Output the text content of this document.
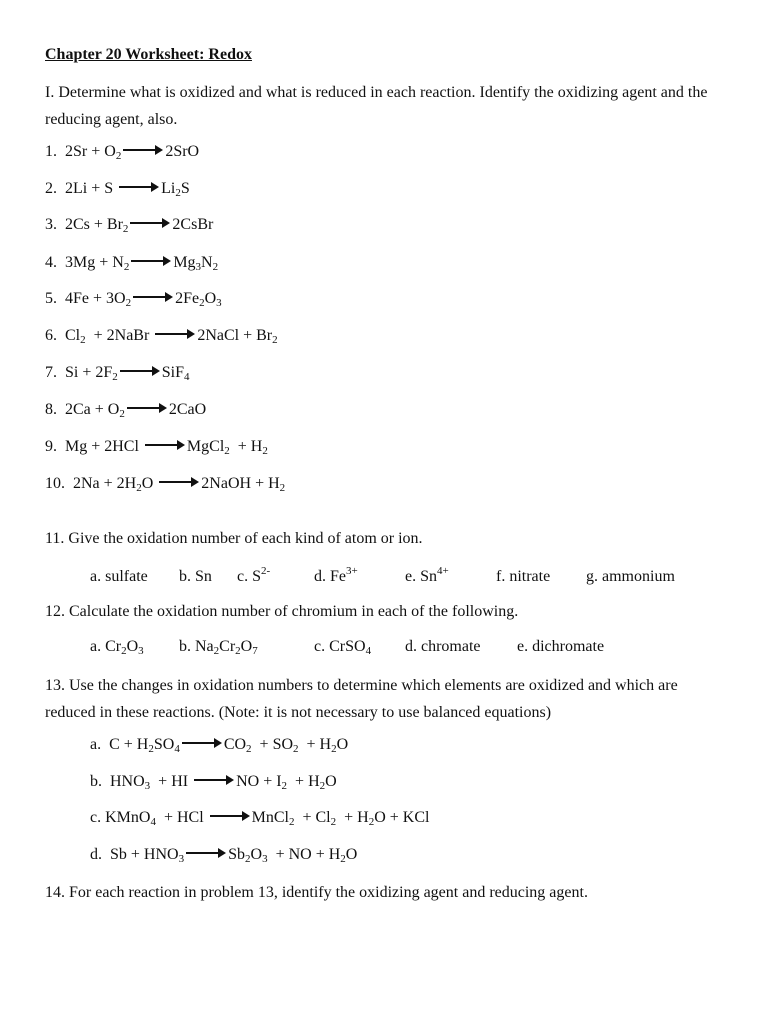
Chapter 20 Worksheet: Redox
I. Determine what is oxidized and what is reduced in each reaction. Identify the oxidizing agent and the reducing agent, also.
1.  $2Sr + O_2$	2SrO
2.  2Li + S	$Li_2S$
3.  $2Cs + Br_2$	2CsBr
4.  $3Mg + N_2$	$Mg_3N_2$
5.  $4Fe + 3O_2$	$2Fe_2O_3$
6.  $Cl_2$  + 2NaBr	2NaCl + $Br_2$
7.  $Si + 2F_2$	SiF$_4$
8.  $2Ca + O_2$	2CaO
9.  Mg + 2HCl	MgCl$_2$  + $H_2$
10.  $2Na + 2H_2O$	2NaOH + $H_2$
11. Give the oxidation number of each kind of atom or ion.
a. sulfate b. Sn c. $S^{2-}$	d. $Fe^{3+}$	e. $Sn^{4+}$	f. nitrate g. ammonium
12. Calculate the oxidation number of chromium in each of the following.
a. $Cr_2O_3$ b. $Na_2Cr_2O_7$	c. CrSO$_4$ d. chromate e. dichromate
13. Use the changes in oxidation numbers to determine which elements are oxidized and which are reduced in these reactions. (Note: it is not necessary to use balanced equations)
a.  $C + H_2SO_4$	$CO_2 + SO_2 + H_2O$
b.  $HNO_3$  + HI	NO + $I_2 + H_2O$
c. KMnO$_4$  + HCl	MnCl$_2$  + $Cl_2 + H_2O$ + KCl
d.  $Sb + HNO_3$	$Sb_2O_3$  + NO + $H_2O$
14. For each reaction in problem 13, identify the oxidizing agent and reducing agent.
